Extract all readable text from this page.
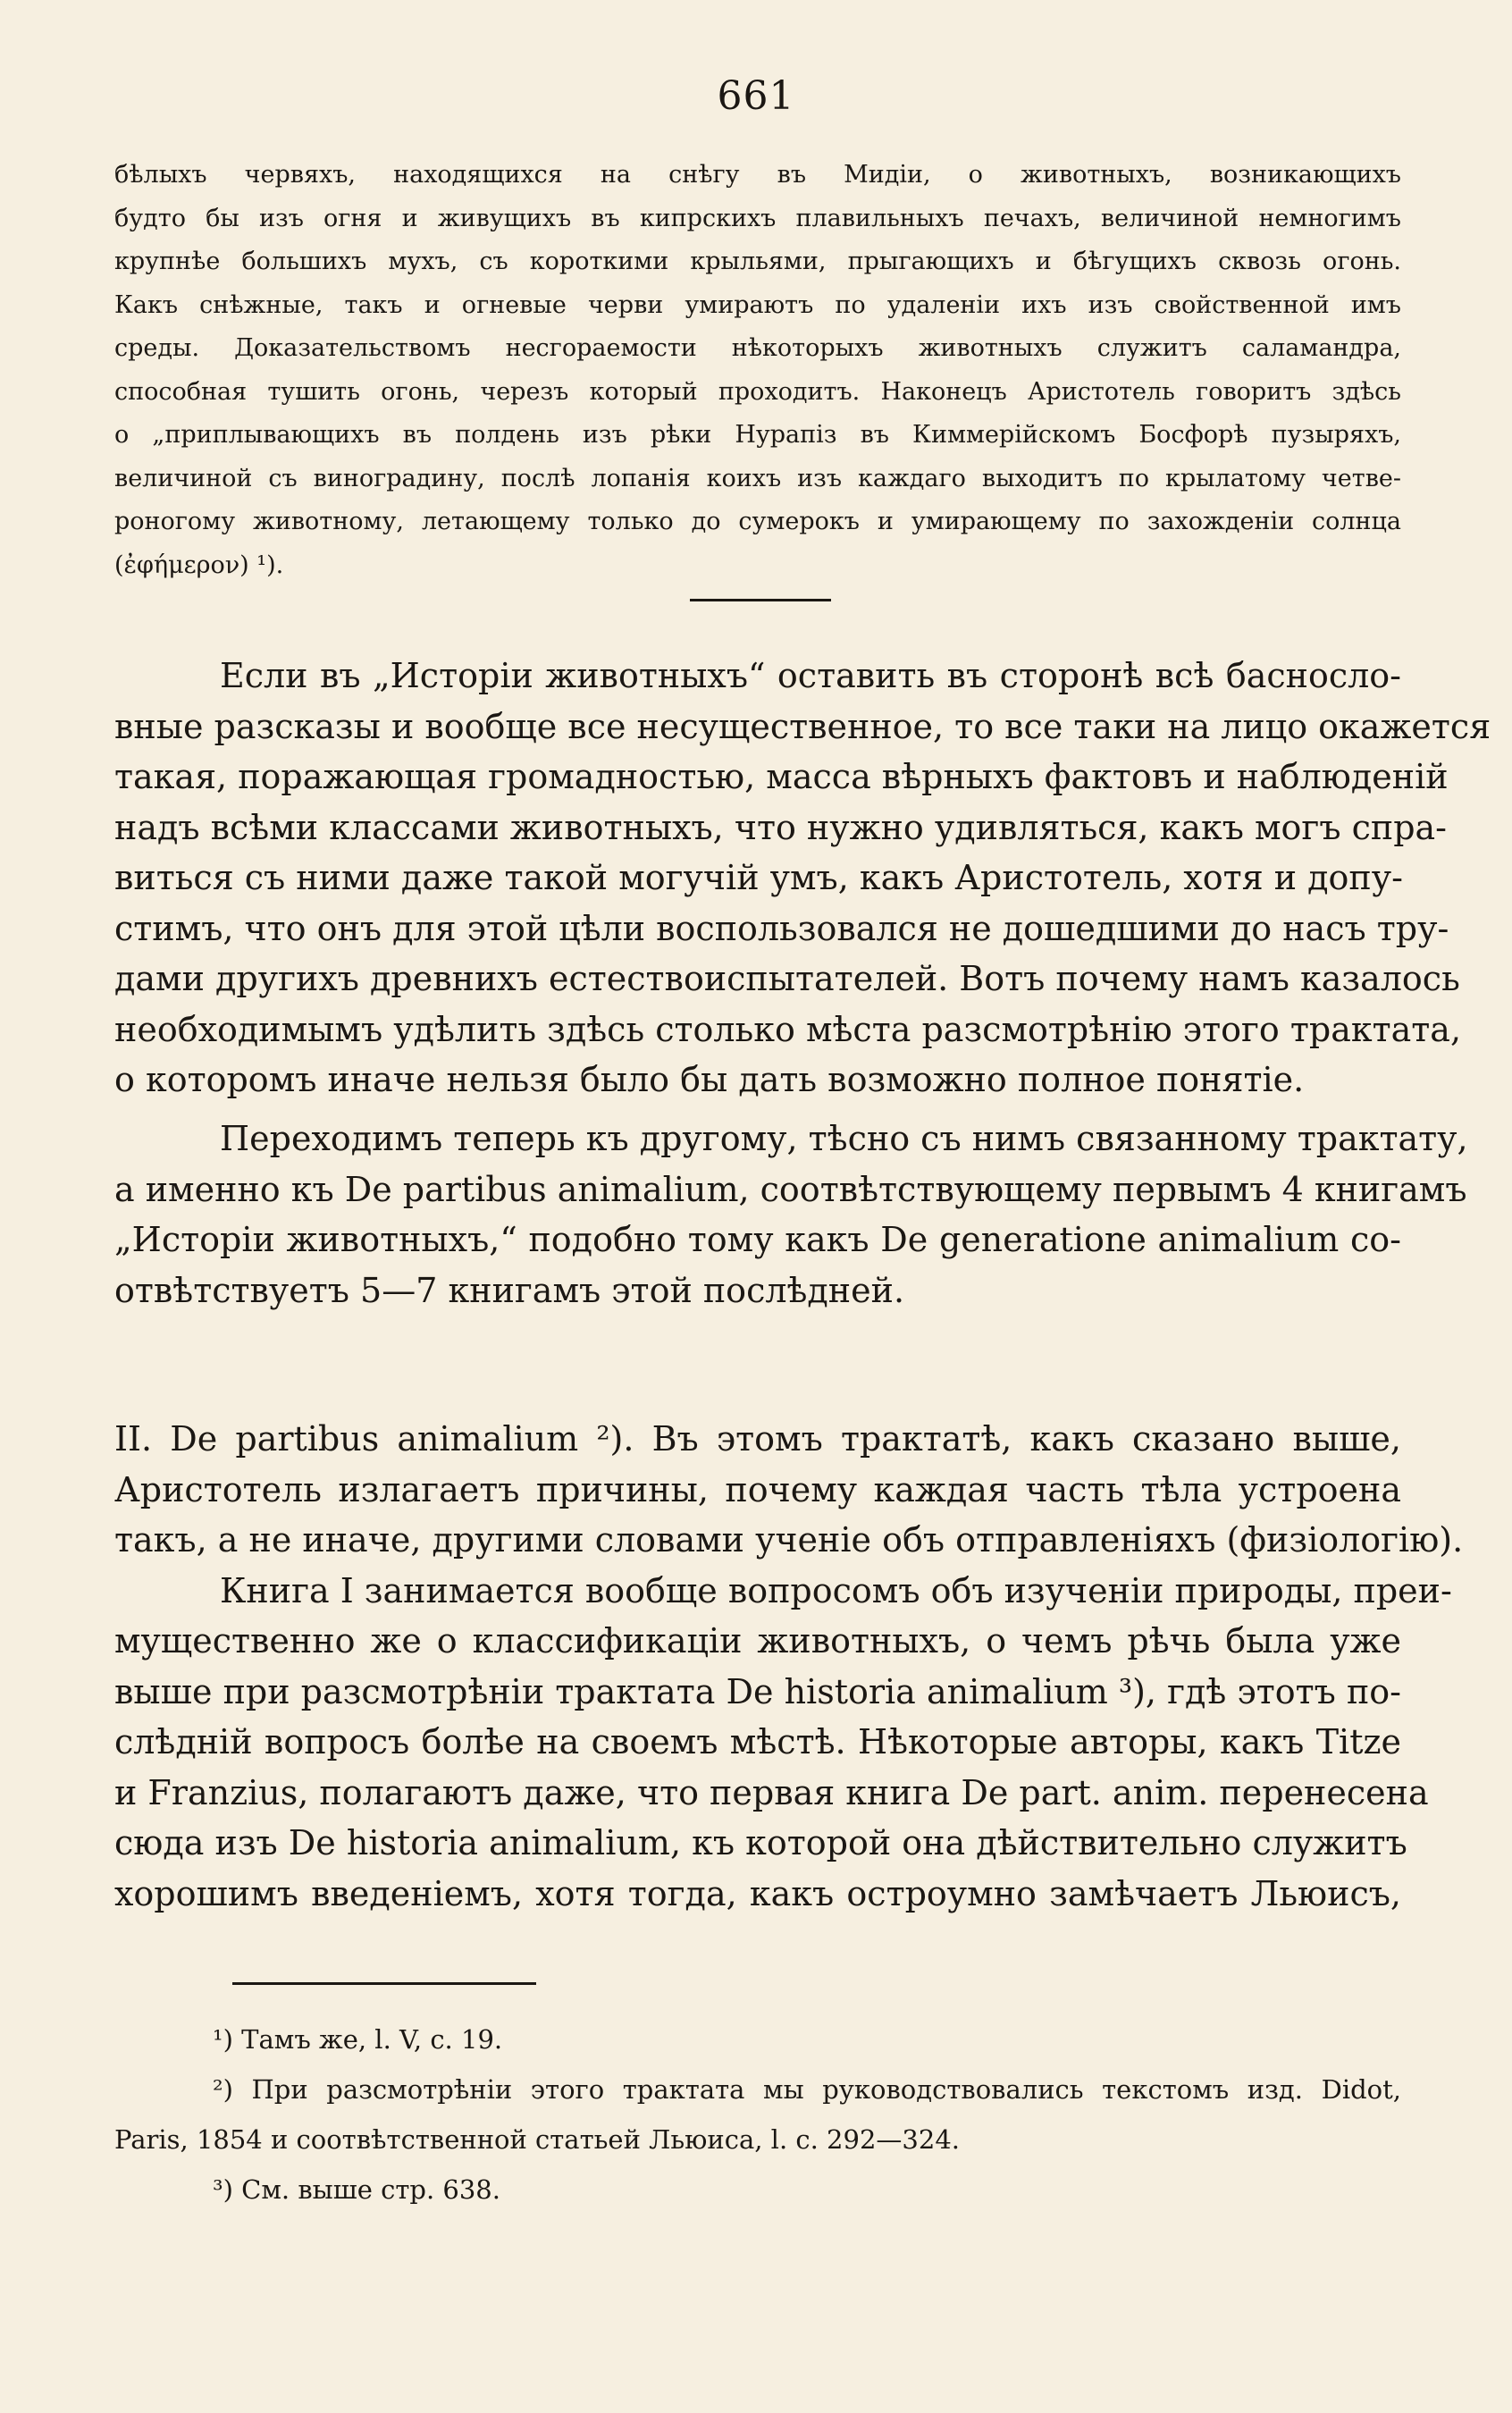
661
бѣлыхъ червяхъ, находящихся на снѣгу въ Мидіи, о животныхъ, возникающихъ
будто бы изъ огня и живущихъ въ кипрскихъ плавильныхъ печахъ, величиной немногимъ
крупнѣе большихъ мухъ, съ короткими крыльями, прыгающихъ и бѣгущихъ сквозь огонь.
Какъ снѣжные, такъ и огневые черви умираютъ по удаленіи ихъ изъ свойственной имъ
среды. Доказательствомъ несгораемости нѣкоторыхъ животныхъ служитъ саламандра,
способная тушить огонь, черезъ который проходитъ. Наконецъ Аристотель говоритъ здѣсь
о „приплывающихъ въ полдень изъ рѣки Нурапіз въ Киммерійскомъ Босфорѣ пузыряхъ,
величиной съ виноградину, послѣ лопанія коихъ изъ каждаго выходитъ по крылатому четве-
роногому животному, летающему только до сумерокъ и умирающему по захожденіи солнца
(ἐφήμερον) ¹).
Если въ „Исторіи животныхъ“ оставить въ сторонѣ всѣ басносло-
вные разсказы и вообще все несущественное, то все таки на лицо окажется
такая, поражающая громадностью, масса вѣрныхъ фактовъ и наблюденій
надъ всѣми классами животныхъ, что нужно удивляться, какъ могъ спра-
виться съ ними даже такой могучій умъ, какъ Аристотель, хотя и допу-
стимъ, что онъ для этой цѣли воспользовался не дошедшими до насъ тру-
дами другихъ древнихъ естествоиспытателей. Вотъ почему намъ казалось
необходимымъ удѣлить здѣсь столько мѣста разсмотрѣнію этого трактата,
о которомъ иначе нельзя было бы дать возможно полное понятіе.
Переходимъ теперь къ другому, тѣсно съ нимъ связанному трактату,
а именно къ De partibus animalium, соотвѣтствующему первымъ 4 книгамъ
„Исторіи животныхъ,“ подобно тому какъ De generatione animalium со-
отвѣтствуетъ 5—7 книгамъ этой послѣдней.
II. De partibus animalium ²). Въ этомъ трактатѣ, какъ сказано выше,
Аристотель излагаетъ причины, почему каждая часть тѣла устроена
такъ, а не иначе, другими словами ученіе объ отправленіяхъ (физіологію).
Книга I занимается вообще вопросомъ объ изученіи природы, преи-
мущественно же о классификаціи животныхъ, о чемъ рѣчь была уже
выше при разсмотрѣніи трактата De historia animalium ³), гдѣ этотъ по-
слѣдній вопросъ болѣе на своемъ мѣстѣ. Нѣкоторые авторы, какъ Titze
и Franzius, полагаютъ даже, что первая книга De part. anim. перенесена
сюда изъ De historia animalium, къ которой она дѣйствительно служитъ
хорошимъ введеніемъ, хотя тогда, какъ остроумно замѣчаетъ Льюисъ,
¹) Тамъ же, l. V, c. 19.
²) При разсмотрѣніи этого трактата мы руководствовались текстомъ изд. Didot,
Paris, 1854 и соотвѣтственной статьей Льюиса, l. c. 292—324.
³) См. выше стр. 638.
